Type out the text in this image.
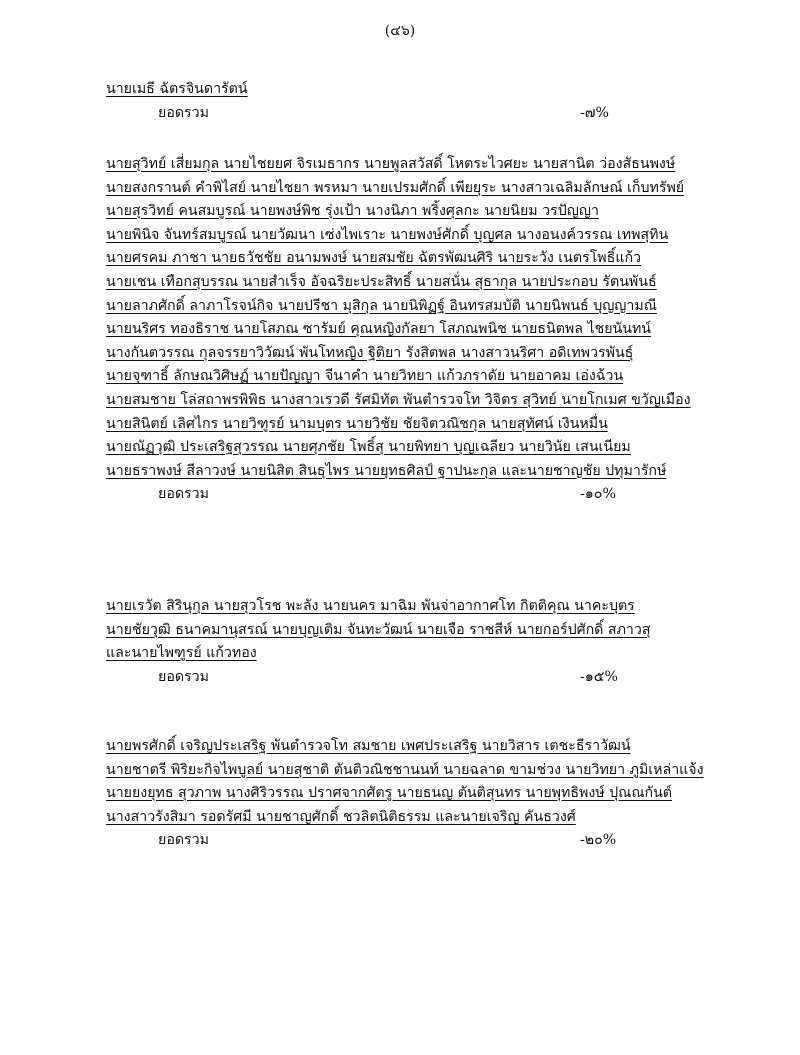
(๔๖)
นายเมธี ฉัตรจินดารัตน์
ยอดรวม	-๗%
นายสุวิทย์ เสี่ยมกุล นายไชยยศ จิรเมธากร นายพูลสวัสดิ์ โหตระไวศยะ นายสานิต ว่องสัธนพงษ์
นายสงกรานต์ คำพิไสย์ นายไชยา พรหมา นายเปรมศักดิ์ เพียยุระ นางสาวเฉลิมลักษณ์ เก็บทรัพย์
นายสุรวิทย์ คนสมบูรณ์ นายพงษ์พิช รุ่งเป้า นางนิภา พริ้งศุลกะ นายนิยม วรปัญญา
นายพินิจ จันทร์สมบูรณ์ นายวัฒนา เซ่งไพเราะ นายพงษ์ศักดิ์ บุญศล นางอนงค์วรรณ เทพสุทิน
นายศรคม ภาชา นายธวัชชัย อนามพงษ์ นายสมชัย ฉัตรพัฒนศิริ นายระวัง เนตรโพธิ์แก้ว
นายเชน เทือกสุบรรณ นายสำเร็จ อัจฉริยะประสิทธิ์ นายสนั่น สุธากุล นายประกอบ รัตนพันธ์
นายลาภศักดิ์ ลาภาโรจน์กิจ นายปรีชา มุสิกุล นายนิพิฏฐ์ อินทรสมบัติ นายนิพนธ์ บุญญามณี
นายนริศร ทองธิราช นายโสภณ ซารัมย์ คุณหญิงกัลยา โสภณพนิช นายธนิตพล ไชยนันทน์
นางกันตวรรณ กุลจรรยาวิวัฒน์ พันโทหญิง ฐิติยา รังสิตพล นางสาวนริศา อดิเทพวรพันธุ์
นายจุฑาธิ์ ลักษณวิศิษฏ์ นายปัญญา จีนาคำ นายวิทยา แก้วภราดัย นายอาคม เอ่งฉ้วน
นายสมชาย โล่สถาพรพิพิธ นางสาวเรวดี รัศมิทัต พันตำรวจโท วิจิตร สุวิทย์ นายโกเมศ ขวัญเมือง
นายสินิตย์ เลิศไกร นายวิฑูรย์ นามบุตร นายวิชัย ชัยจิตวณิชกุล นายสุทัศน์ เงินหมื่น
นายณัฏวุฒิ ประเสริฐสุวรรณ นายศุภชัย โพธิ์สุ นายพิทยา บุญเฉลียว นายวินัย เสนเนียม
นายธราพงษ์ สีลาวงษ์ นายนิสิต สินธุไพร นายยุทธศิลป์ ฐาปนะกุล และนายชาญชัย ปทุมารักษ์
ยอดรวม	-๑๐%
นายเรวัต สิรินุกุล นายสุวโรช พะลัง นายนคร มาฉิม พันจ่าอากาศโท กิตติคุณ นาคะบุตร
นายชัยวุฒิ ธนาคมานุสรณ์ นายบุญเติม จันทะวัฒน์ นายเจือ ราชสีห์ นายกอร์ปศักดิ์ สภาวสุ
และนายไพฑูรย์ แก้วทอง
ยอดรวม	-๑๕%
นายพรศักดิ์ เจริญประเสริฐ พันตำรวจโท สมชาย เพศประเสริฐ นายวิสาร เตชะธีราวัฒน์
นายชาตรี พิริยะกิจไพบูลย์ นายสุชาติ ตันติวณิชชานนท์ นายฉลาด ขามช่วง นายวิทยา ภูมิเหล่าแจ้ง
นายยงยุทธ สุวภาพ นางศิริวรรณ ปราศจากศัตรู นายธนญ ตันติสุนทร นายพุทธิพงษ์ ปุณณกันต์
นางสาวรังสิมา รอดรัศมี นายชาญศักดิ์ ชวลิตนิติธรรม และนายเจริญ คันธวงศ์
ยอดรวม	-๒๐%
